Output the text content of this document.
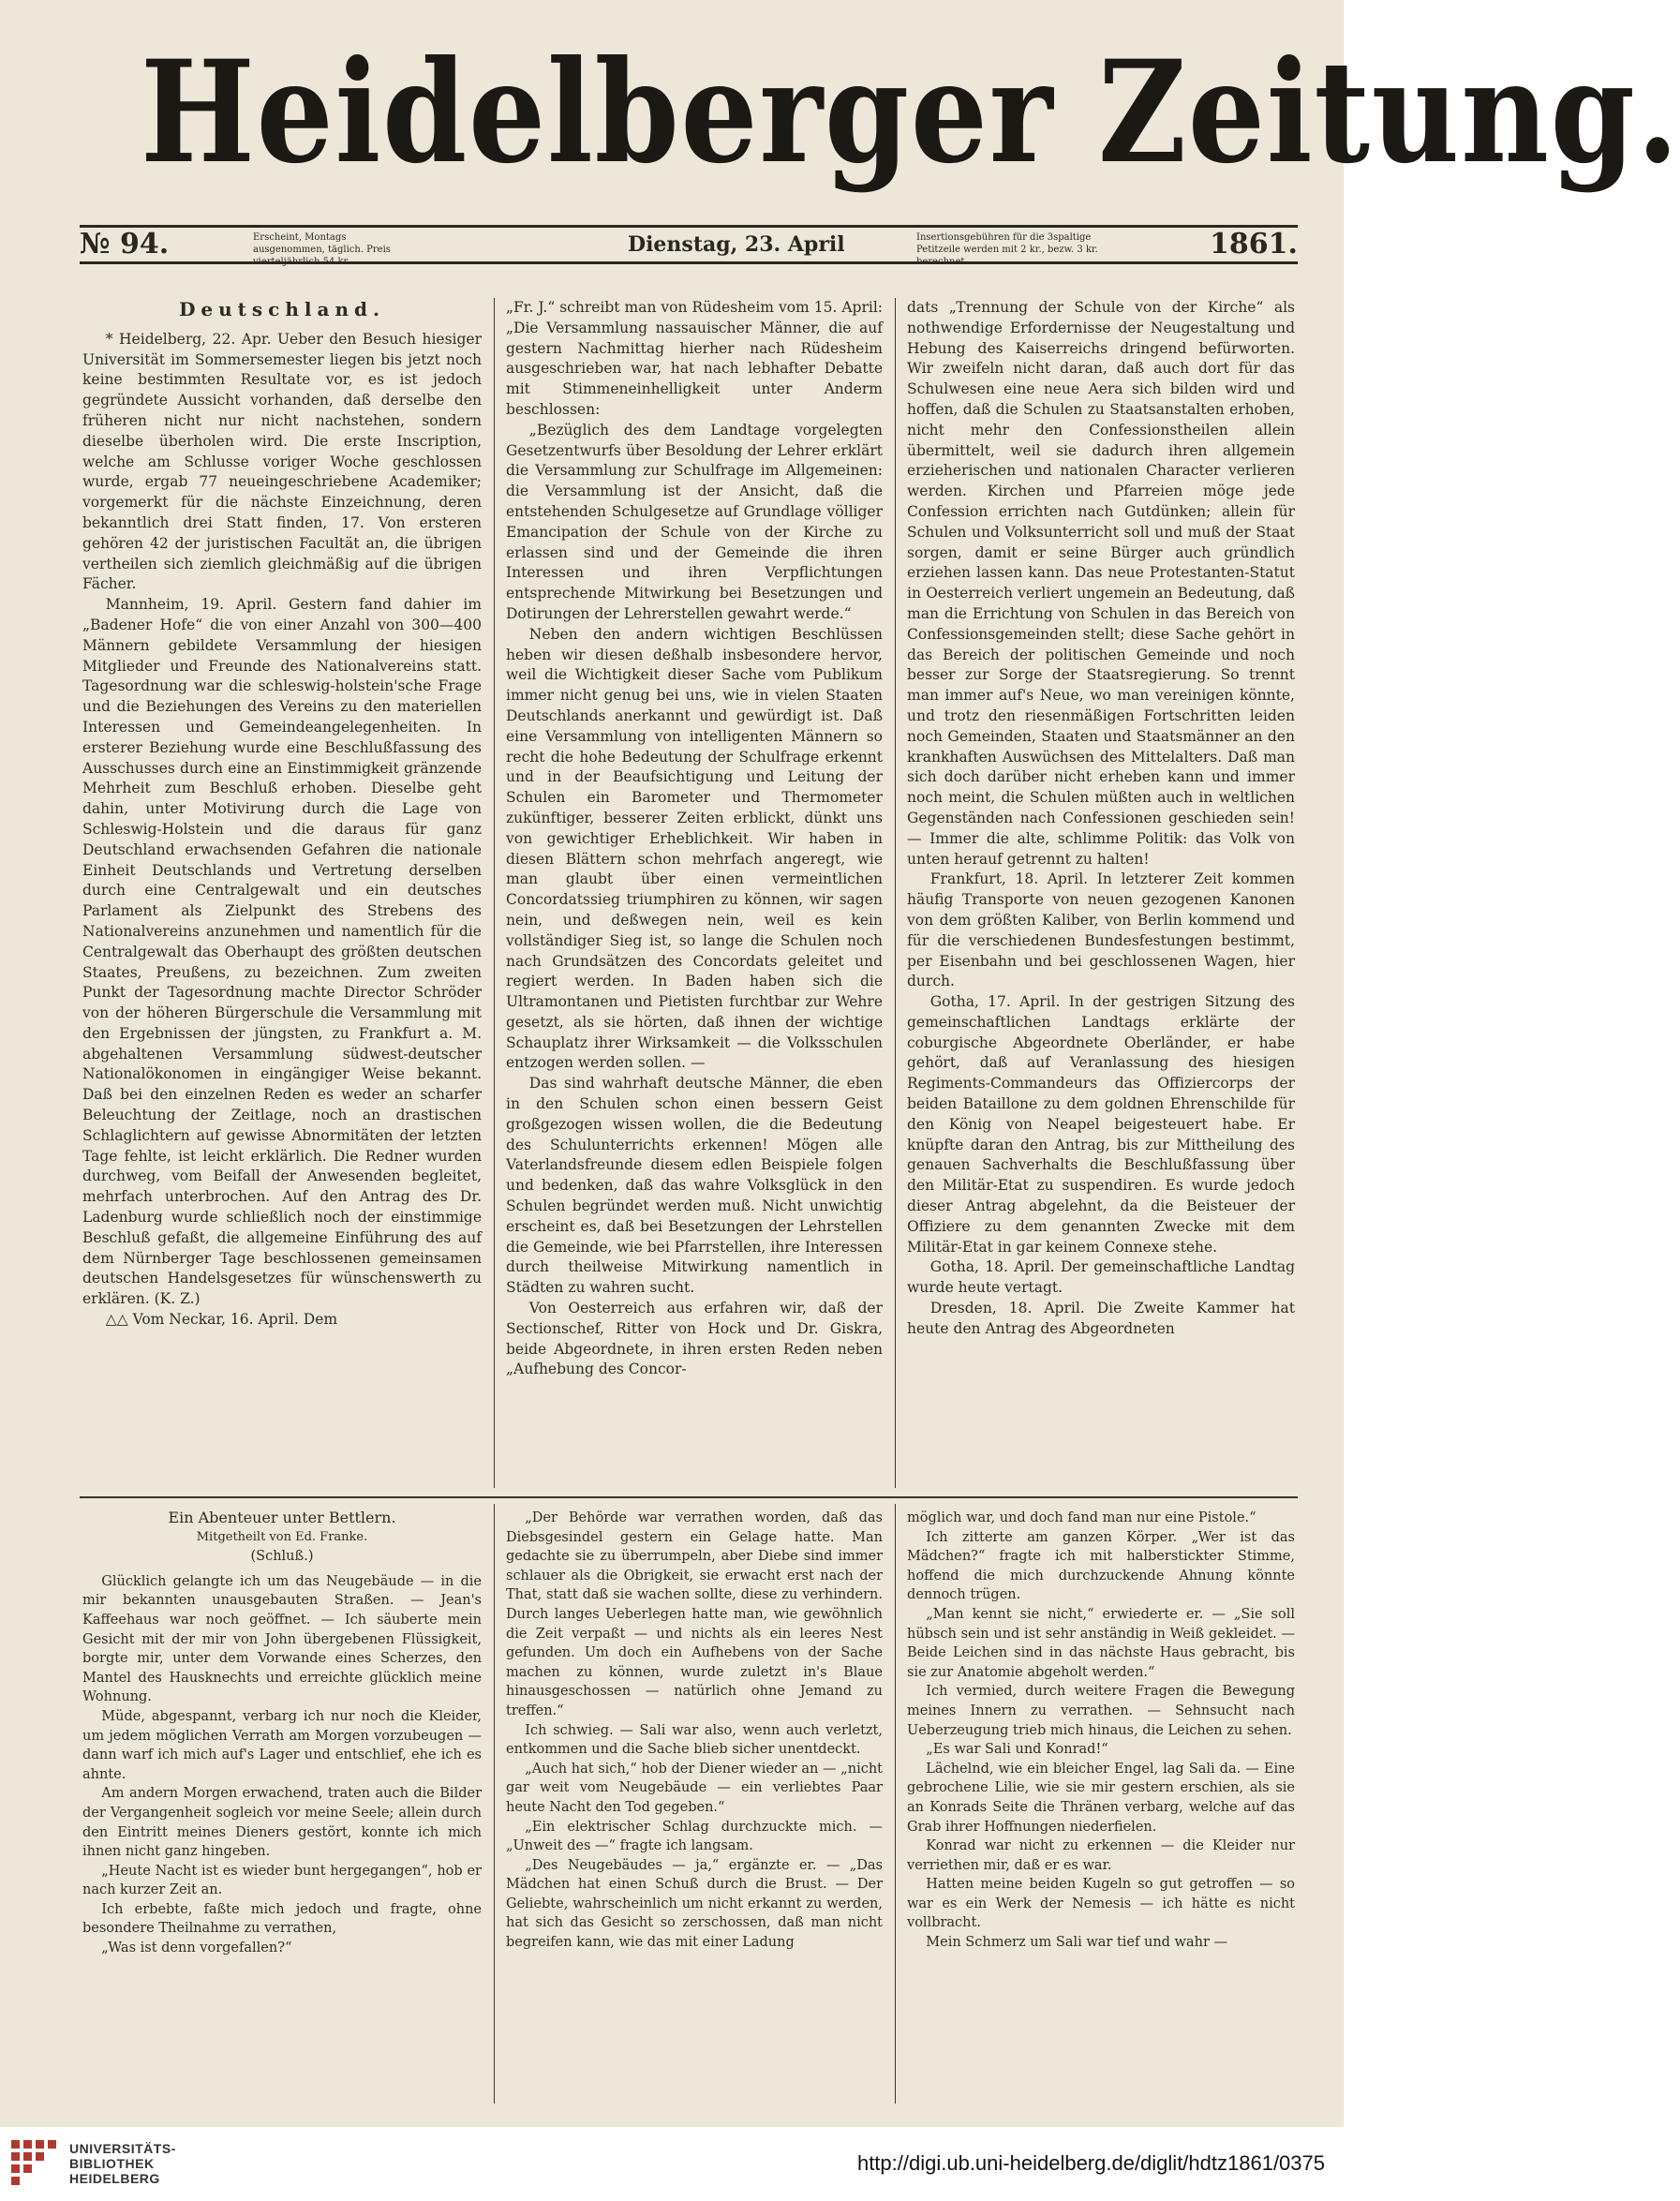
Heidelberger Zeitung.
№ 94.	Erscheint, Montags ausgenommen, täglich. Preis vierteljährlich 54 kr.
Dienstag, 23. April	Insertionsgebühren für die 3spaltige Petitzeile werden mit 2 kr., bezw. 3 kr. berechnet.
1861.

Deutschland.

* Heidelberg, 22. Apr. Ueber den Besuch hiesiger Universität im Sommersemester liegen bis jetzt noch keine bestimmten Resultate vor, es ist jedoch gegründete Aussicht vorhanden, daß derselbe den früheren nicht nur nicht nachstehen, sondern dieselbe überholen wird. Die erste Inscription, welche am Schlusse voriger Woche geschlossen wurde, ergab 77 neueingeschriebene Academiker; vorgemerkt für die nächste Einzeichnung, deren bekanntlich drei Statt finden, 17. Von ersteren gehören 42 der juristischen Facultät an, die übrigen vertheilen sich ziemlich gleichmäßig auf die übrigen Fächer.

Mannheim, 19. April. Gestern fand dahier im „Badener Hofe“ die von einer Anzahl von 300—400 Männern gebildete Versammlung der hiesigen Mitglieder und Freunde des Nationalvereins statt. Tagesordnung war die schleswig-holstein'sche Frage und die Beziehungen des Vereins zu den materiellen Interessen und Gemeindeangelegenheiten. In ersterer Beziehung wurde eine Beschlußfassung des Ausschusses durch eine an Einstimmigkeit gränzende Mehrheit zum Beschluß erhoben. Dieselbe geht dahin, unter Motivirung durch die Lage von Schleswig-Holstein und die daraus für ganz Deutschland erwachsenden Gefahren die nationale Einheit Deutschlands und Vertretung derselben durch eine Centralgewalt und ein deutsches Parlament als Zielpunkt des Strebens des Nationalvereins anzunehmen und namentlich für die Centralgewalt das Oberhaupt des größten deutschen Staates, Preußens, zu bezeichnen. Zum zweiten Punkt der Tagesordnung machte Director Schröder von der höheren Bürgerschule die Versammlung mit den Ergebnissen der jüngsten, zu Frankfurt a. M. abgehaltenen Versammlung südwest-deutscher Nationalökonomen in eingängiger Weise bekannt. Daß bei den einzelnen Reden es weder an scharfer Beleuchtung der Zeitlage, noch an drastischen Schlaglichtern auf gewisse Abnormitäten der letzten Tage fehlte, ist leicht erklärlich. Die Redner wurden durchweg, vom Beifall der Anwesenden begleitet, mehrfach unterbrochen. Auf den Antrag des Dr. Ladenburg wurde schließlich noch der einstimmige Beschluß gefaßt, die allgemeine Einführung des auf dem Nürnberger Tage beschlossenen gemeinsamen deutschen Handelsgesetzes für wünschenswerth zu erklären. (K. Z.)

△△ Vom Neckar, 16. April. Dem

„Fr. J.“ schreibt man von Rüdesheim vom 15. April: „Die Versammlung nassauischer Männer, die auf gestern Nachmittag hierher nach Rüdesheim ausgeschrieben war, hat nach lebhafter Debatte mit Stimmeneinhelligkeit unter Anderm beschlossen:

„Bezüglich des dem Landtage vorgelegten Gesetzentwurfs über Besoldung der Lehrer erklärt die Versammlung zur Schulfrage im Allgemeinen: die Versammlung ist der Ansicht, daß die entstehenden Schulgesetze auf Grundlage völliger Emancipation der Schule von der Kirche zu erlassen sind und der Gemeinde die ihren Interessen und ihren Verpflichtungen entsprechende Mitwirkung bei Besetzungen und Dotirungen der Lehrerstellen gewahrt werde.“

Neben den andern wichtigen Beschlüssen heben wir diesen deßhalb insbesondere hervor, weil die Wichtigkeit dieser Sache vom Publikum immer nicht genug bei uns, wie in vielen Staaten Deutschlands anerkannt und gewürdigt ist. Daß eine Versammlung von intelligenten Männern so recht die hohe Bedeutung der Schulfrage erkennt und in der Beaufsichtigung und Leitung der Schulen ein Barometer und Thermometer zukünftiger, besserer Zeiten erblickt, dünkt uns von gewichtiger Erheblichkeit. Wir haben in diesen Blättern schon mehrfach angeregt, wie man glaubt über einen vermeintlichen Concordatssieg triumphiren zu können, wir sagen nein, und deßwegen nein, weil es kein vollständiger Sieg ist, so lange die Schulen noch nach Grundsätzen des Concordats geleitet und regiert werden. In Baden haben sich die Ultramontanen und Pietisten furchtbar zur Wehre gesetzt, als sie hörten, daß ihnen der wichtige Schauplatz ihrer Wirksamkeit — die Volksschulen entzogen werden sollen. —

Das sind wahrhaft deutsche Männer, die eben in den Schulen schon einen bessern Geist großgezogen wissen wollen, die die Bedeutung des Schulunterrichts erkennen! Mögen alle Vaterlandsfreunde diesem edlen Beispiele folgen und bedenken, daß das wahre Volksglück in den Schulen begründet werden muß. Nicht unwichtig erscheint es, daß bei Besetzungen der Lehrstellen die Gemeinde, wie bei Pfarrstellen, ihre Interessen durch theilweise Mitwirkung namentlich in Städten zu wahren sucht.

Von Oesterreich aus erfahren wir, daß der Sectionschef, Ritter von Hock und Dr. Giskra, beide Abgeordnete, in ihren ersten Reden neben „Aufhebung des Concor-

dats „Trennung der Schule von der Kirche“ als nothwendige Erfordernisse der Neugestaltung und Hebung des Kaiserreichs dringend befürworten. Wir zweifeln nicht daran, daß auch dort für das Schulwesen eine neue Aera sich bilden wird und hoffen, daß die Schulen zu Staatsanstalten erhoben, nicht mehr den Confessionstheilen allein übermittelt, weil sie dadurch ihren allgemein erzieherischen und nationalen Character verlieren werden. Kirchen und Pfarreien möge jede Confession errichten nach Gutdünken; allein für Schulen und Volksunterricht soll und muß der Staat sorgen, damit er seine Bürger auch gründlich erziehen lassen kann. Das neue Protestanten-Statut in Oesterreich verliert ungemein an Bedeutung, daß man die Errichtung von Schulen in das Bereich von Confessionsgemeinden stellt; diese Sache gehört in das Bereich der politischen Gemeinde und noch besser zur Sorge der Staatsregierung. So trennt man immer auf's Neue, wo man vereinigen könnte, und trotz den riesenmäßigen Fortschritten leiden noch Gemeinden, Staaten und Staatsmänner an den krankhaften Auswüchsen des Mittelalters. Daß man sich doch darüber nicht erheben kann und immer noch meint, die Schulen müßten auch in weltlichen Gegenständen nach Confessionen geschieden sein! — Immer die alte, schlimme Politik: das Volk von unten herauf getrennt zu halten!

Frankfurt, 18. April. In letzterer Zeit kommen häufig Transporte von neuen gezogenen Kanonen von dem größten Kaliber, von Berlin kommend und für die verschiedenen Bundesfestungen bestimmt, per Eisenbahn und bei geschlossenen Wagen, hier durch.

Gotha, 17. April. In der gestrigen Sitzung des gemeinschaftlichen Landtags erklärte der coburgische Abgeordnete Oberländer, er habe gehört, daß auf Veranlassung des hiesigen Regiments-Commandeurs das Offiziercorps der beiden Bataillone zu dem goldnen Ehrenschilde für den König von Neapel beigesteuert habe. Er knüpfte daran den Antrag, bis zur Mittheilung des genauen Sachverhalts die Beschlußfassung über den Militär-Etat zu suspendiren. Es wurde jedoch dieser Antrag abgelehnt, da die Beisteuer der Offiziere zu dem genannten Zwecke mit dem Militär-Etat in gar keinem Connexe stehe.

Gotha, 18. April. Der gemeinschaftliche Landtag wurde heute vertagt.

Dresden, 18. April. Die Zweite Kammer hat heute den Antrag des Abgeordneten

Ein Abenteuer unter Bettlern.

Mitgetheilt von Ed. Franke.

(Schluß.)

Glücklich gelangte ich um das Neugebäude — in die mir bekannten unausgebauten Straßen. — Jean's Kaffeehaus war noch geöffnet. — Ich säuberte mein Gesicht mit der mir von John übergebenen Flüssigkeit, borgte mir, unter dem Vorwande eines Scherzes, den Mantel des Hausknechts und erreichte glücklich meine Wohnung.

Müde, abgespannt, verbarg ich nur noch die Kleider, um jedem möglichen Verrath am Morgen vorzubeugen — dann warf ich mich auf's Lager und entschlief, ehe ich es ahnte.

Am andern Morgen erwachend, traten auch die Bilder der Vergangenheit sogleich vor meine Seele; allein durch den Eintritt meines Dieners gestört, konnte ich mich ihnen nicht ganz hingeben.

„Heute Nacht ist es wieder bunt hergegangen“, hob er nach kurzer Zeit an.

Ich erbebte, faßte mich jedoch und fragte, ohne besondere Theilnahme zu verrathen,

„Was ist denn vorgefallen?“

„Der Behörde war verrathen worden, daß das Diebsgesindel gestern ein Gelage hatte. Man gedachte sie zu überrumpeln, aber Diebe sind immer schlauer als die Obrigkeit, sie erwacht erst nach der That, statt daß sie wachen sollte, diese zu verhindern. Durch langes Ueberlegen hatte man, wie gewöhnlich die Zeit verpaßt — und nichts als ein leeres Nest gefunden. Um doch ein Aufhebens von der Sache machen zu können, wurde zuletzt in's Blaue hinausgeschossen — natürlich ohne Jemand zu treffen.“

Ich schwieg. — Sali war also, wenn auch verletzt, entkommen und die Sache blieb sicher unentdeckt.

„Auch hat sich,“ hob der Diener wieder an — „nicht gar weit vom Neugebäude — ein verliebtes Paar heute Nacht den Tod gegeben.“

„Ein elektrischer Schlag durchzuckte mich. — „Unweit des —“ fragte ich langsam.

„Des Neugebäudes — ja,“ ergänzte er. — „Das Mädchen hat einen Schuß durch die Brust. — Der Geliebte, wahrscheinlich um nicht erkannt zu werden, hat sich das Gesicht so zerschossen, daß man nicht begreifen kann, wie das mit einer Ladung

möglich war, und doch fand man nur eine Pistole.“

Ich zitterte am ganzen Körper. „Wer ist das Mädchen?“ fragte ich mit halberstickter Stimme, hoffend die mich durchzuckende Ahnung könnte dennoch trügen.

„Man kennt sie nicht,“ erwiederte er. — „Sie soll hübsch sein und ist sehr anständig in Weiß gekleidet. — Beide Leichen sind in das nächste Haus gebracht, bis sie zur Anatomie abgeholt werden.“

Ich vermied, durch weitere Fragen die Bewegung meines Innern zu verrathen. — Sehnsucht nach Ueberzeugung trieb mich hinaus, die Leichen zu sehen.

„Es war Sali und Konrad!“

Lächelnd, wie ein bleicher Engel, lag Sali da. — Eine gebrochene Lilie, wie sie mir gestern erschien, als sie an Konrads Seite die Thränen verbarg, welche auf das Grab ihrer Hoffnungen niederfielen.

Konrad war nicht zu erkennen — die Kleider nur verriethen mir, daß er es war.

Hatten meine beiden Kugeln so gut getroffen — so war es ein Werk der Nemesis — ich hätte es nicht vollbracht.

Mein Schmerz um Sali war tief und wahr —

UNIVERSITÄTS-
BIBLIOTHEK
HEIDELBERG
http://digi.ub.uni-heidelberg.de/diglit/hdtz1861/0375
